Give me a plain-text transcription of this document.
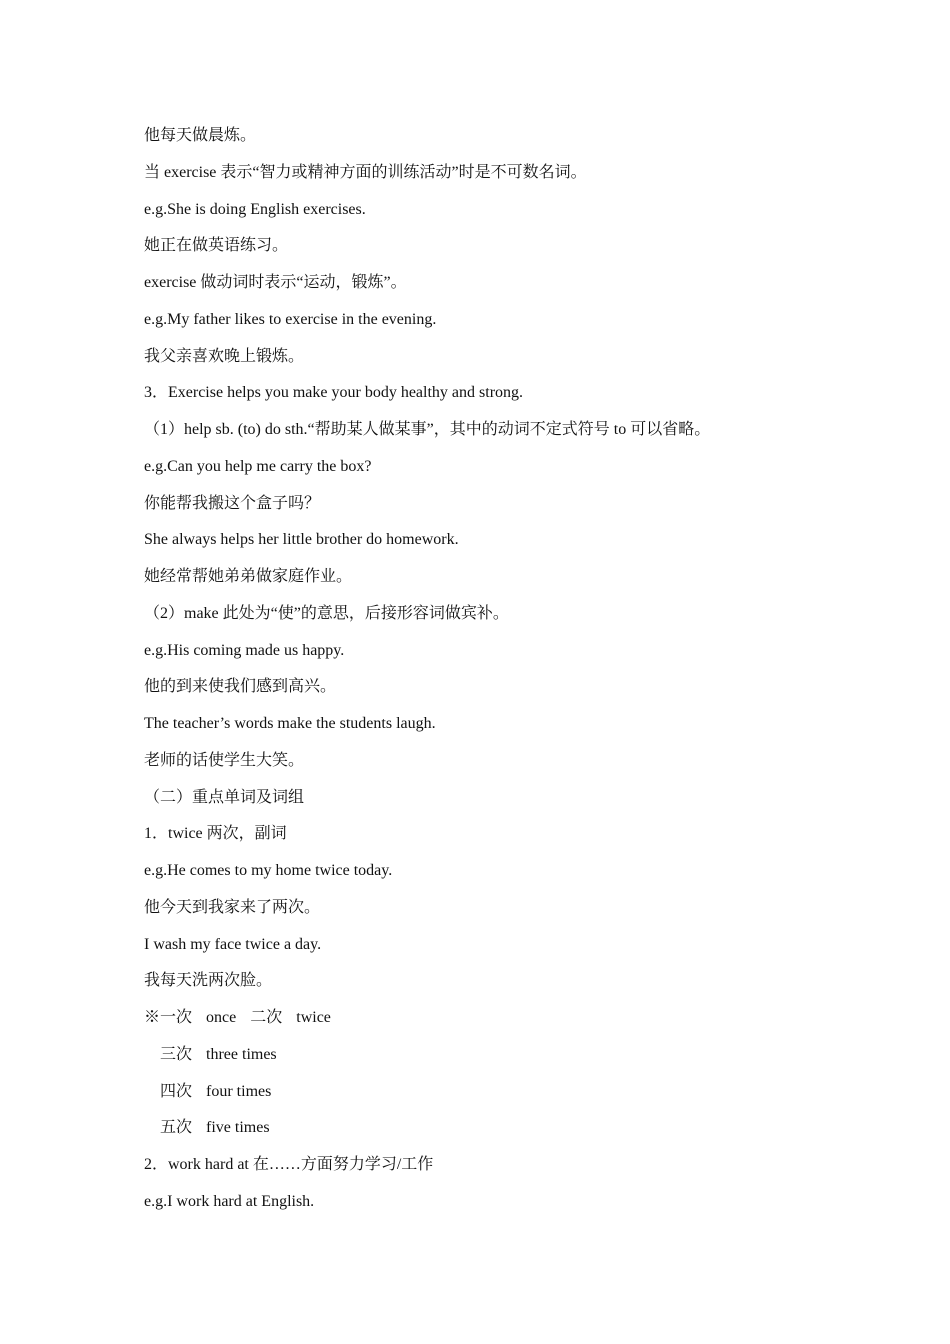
他每天做晨炼。
当 exercise 表示“智力或精神方面的训练活动”时是不可数名词。
e.g.She is doing English exercises.
她正在做英语练习。
exercise 做动词时表示“运动，锻炼”。
e.g.My father likes to exercise in the evening.
我父亲喜欢晚上锻炼。
3．Exercise helps you make your body healthy and strong.
（1）help sb. (to) do sth.“帮助某人做某事”，其中的动词不定式符号 to 可以省略。
e.g.Can you help me carry the box?
你能帮我搬这个盒子吗？
She always helps her little brother do homework.
她经常帮她弟弟做家庭作业。
（2）make 此处为“使”的意思，后接形容词做宾补。
e.g.His coming made us happy.
他的到来使我们感到高兴。
The teacher’s words make the students laugh.
老师的话使学生大笑。
（二）重点单词及词组
1．twice 两次，副词
e.g.He comes to my home twice today.
他今天到我家来了两次。
I wash my face twice a day.
我每天洗两次脸。
※一次 once 二次 twice
三次 three times
四次 four times
五次 five times
2．work hard at 在……方面努力学习/工作
e.g.I work hard at English.
